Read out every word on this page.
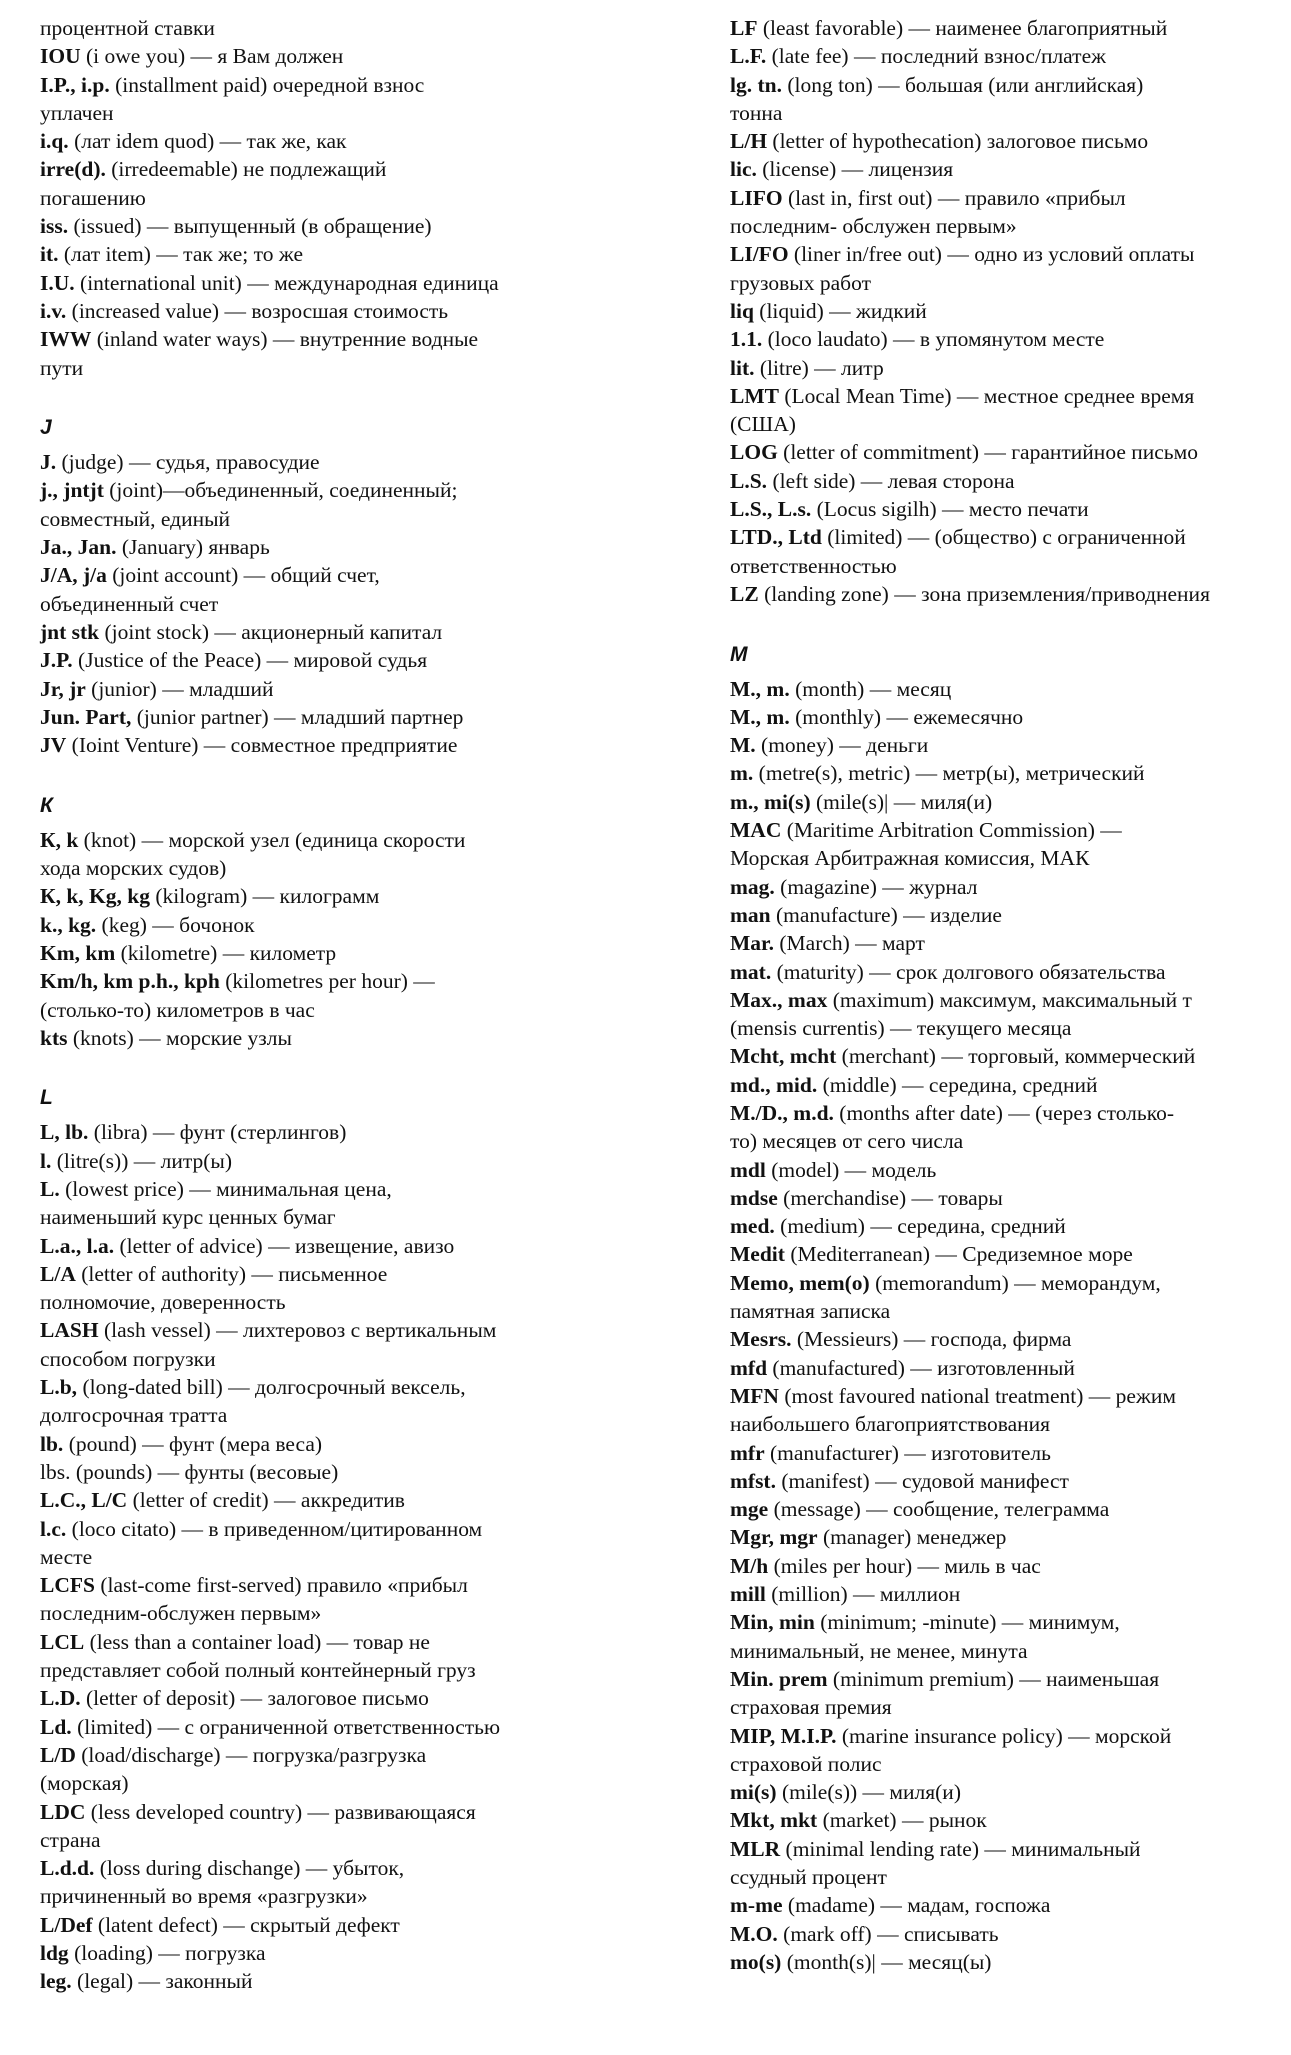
процентной ставки
IOU (i owe you) — я Вам должен
I.P., i.p. (installment paid) очередной взнос
уплачен
i.q. (лат idem quod) — так же, как
irre(d). (irredeemable) не подлежащий
погашению
iss. (issued) — выпущенный (в обращение)
it. (лат item) — так же; то же
I.U. (international unit) — международная единица
i.v. (increased value) — возросшая стоимость
IWW (inland water ways) — внутренние водные
пути
J
J. (judge) — судья, правосудие
j., jntjt (joint)—объединенный, соединенный;
совместный, единый
Ja., Jan. (January) январь
J/A, j/a (joint account) — общий счет,
объединенный счет
jnt stk (joint stock) — акционерный капитал
J.P. (Justice of the Peace) — мировой судья
Jr, jr (junior) — младший
Jun. Part, (junior partner) — младший партнер
JV (Ioint Venture) — совместное предприятие
К
К, k (knot) — морской узел (единица скорости
хода морских судов)
К, k, Kg, kg (kilogram) — килограмм
k., kg. (keg) — бочонок
Km, km (kilometre) — километр
Km/h, km p.h., kph (kilometres per hour) —
(столько-то) километров в час
kts (knots) — морские узлы
L
L, lb. (libra) — фунт (стерлингов)
l. (litre(s)) — литр(ы)
L. (lowest price) — минимальная цена,
наименьший курс ценных бумаг
L.a., l.a. (letter of advice) — извещение, авизо
L/A (letter of authority) — письменное
полномочие, доверенность
LASH (lash vessel) — лихтеровоз с вертикальным
способом погрузки
L.b, (long-dated bill) — долгосрочный вексель,
долгосрочная тратта
lb. (pound) — фунт (мера веса)
lbs. (pounds) — фунты (весовые)
L.C., L/C (letter of credit) — аккредитив
l.c. (loco citato) — в приведенном/цитированном
месте
LCFS (last-come first-served) правило «прибыл
последним-обслужен первым»
LCL (less than a container load) — товар не
представляет собой полный контейнерный груз
L.D. (letter of deposit) — залоговое письмо
Ld. (limited) — с ограниченной ответственностью
L/D (load/discharge) — погрузка/разгрузка
(морская)
LDC (less developed country) — развивающаяся
страна
L.d.d. (loss during dischange) — убыток,
причиненный во время «разгрузки»
L/Def (latent defect) — скрытый дефект
ldg (loading) — погрузка
leg. (legal) — законный
LF (least favorable) — наименее благоприятный
L.F. (late fee) — последний взнос/платеж
lg. tn. (long ton) — большая (или английская)
тонна
L/H (letter of hypothecation) залоговое письмо
lic. (license) — лицензия
LIFO (last in, first out) — правило «прибыл
последним- обслужен первым»
LI/FO (liner in/free out) — одно из условий оплаты
грузовых работ
liq (liquid) — жидкий
1.1. (loco laudato) — в упомянутом месте
lit. (litre) — литр
LMT (Local Mean Time) — местное среднее время
(США)
LOG (letter of commitment) — гарантийное письмо
L.S. (left side) — левая сторона
L.S., L.s. (Locus sigilh) — место печати
LTD., Ltd (limited) — (общество) с ограниченной
ответственностью
LZ (landing zone) — зона приземления/приводнения
М
M., m. (month) — месяц
M., m. (monthly) — ежемесячно
M. (money) — деньги
m. (metre(s), metric) — метр(ы), метрический
m., mi(s) (mile(s)| — миля(и)
MAC (Maritime Arbitration Commission) —
Морская Арбитражная комиссия, МАК
mag. (magazine) — журнал
man (manufacture) — изделие
Mar. (March) — март
mat. (maturity) — срок долгового обязательства
Max., max (maximum) максимум, максимальный т
(mensis currentis) — текущего месяца
Mcht, mcht (merchant) — торговый, коммерческий
md., mid. (middle) — середина, средний
M./D., m.d. (months after date) — (через столько-
то) месяцев от сего числа
mdl (model) — модель
mdse (merchandise) — товары
med. (medium) — середина, средний
Medit (Mediterranean) — Средиземное море
Memo, mem(o) (memorandum) — меморандум,
памятная записка
Mesrs. (Messieurs) — господа, фирма
mfd (manufactured) — изготовленный
MFN (most favoured national treatment) — режим
наибольшего благоприятствования
mfr (manufacturer) — изготовитель
mfst. (manifest) — судовой манифест
mge (message) — сообщение, телеграмма
Mgr, mgr (manager) менеджер
M/h (miles per hour) — миль в час
mill (million) — миллион
Min, min (minimum; -minute) — минимум,
минимальный, не менее, минута
Min. prem (minimum premium) — наименьшая
страховая премия
MIP, M.I.P. (marine insurance policy) — морской
страховой полис
mi(s) (mile(s)) — миля(и)
Mkt, mkt (market) — рынок
MLR (minimal lending rate) — минимальный
ссудный процент
m-me (madame) — мадам, госпожа
M.O. (mark off) — списывать
mo(s) (month(s)| — месяц(ы)
